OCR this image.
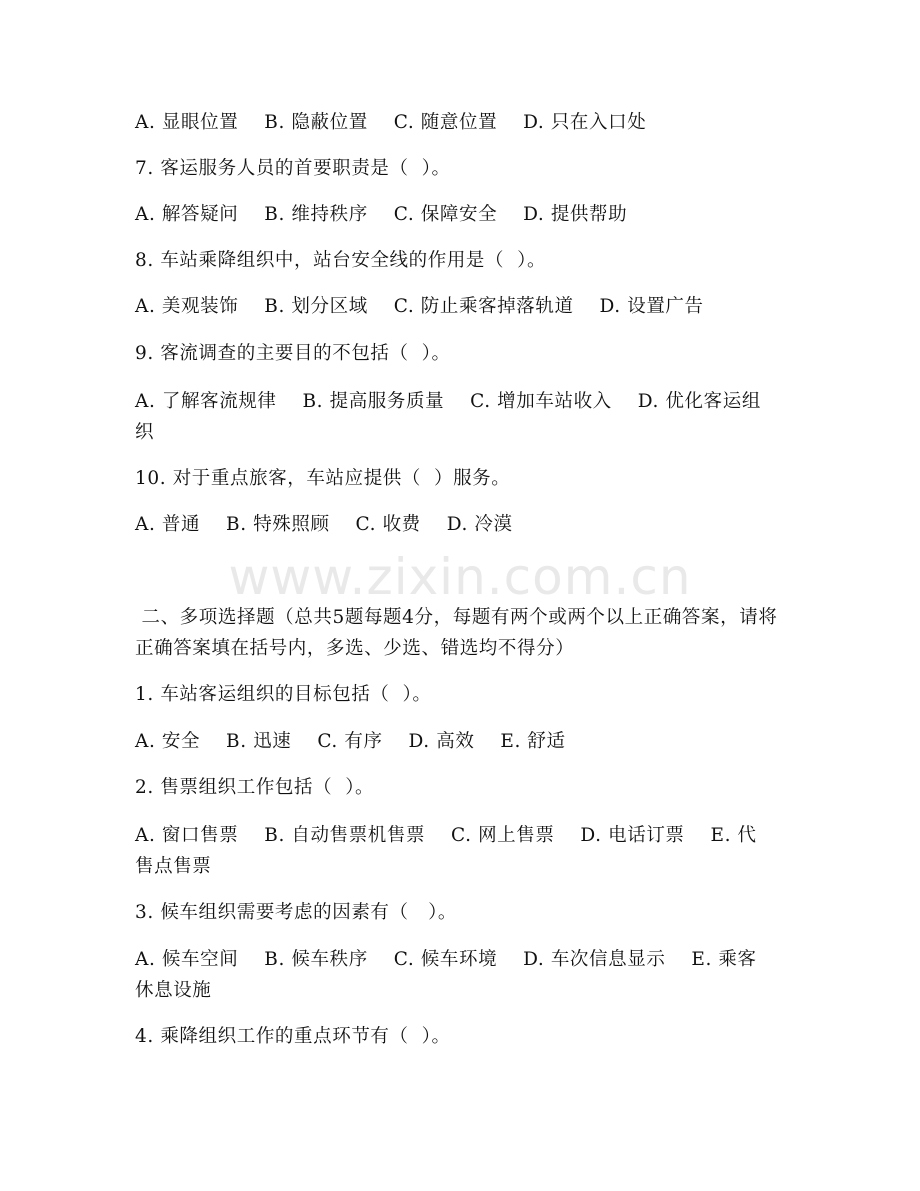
A. 显眼位置    B. 隐蔽位置    C. 随意位置    D. 只在入口处
7. 客运服务人员的首要职责是（  ）。
A. 解答疑问    B. 维持秩序    C. 保障安全    D. 提供帮助
8. 车站乘降组织中，站台安全线的作用是（  ）。
A. 美观装饰    B. 划分区域    C. 防止乘客掉落轨道    D. 设置广告
9. 客流调查的主要目的不包括（  ）。
A. 了解客流规律    B. 提高服务质量    C. 增加车站收入    D. 优化客运组织
10. 对于重点旅客，车站应提供（  ）服务。
A. 普通    B. 特殊照顾    C. 收费    D. 冷漠
www.zixin.com.cn
二、多项选择题（总共5题每题4分，每题有两个或两个以上正确答案，请将正确答案填在括号内，多选、少选、错选均不得分）
1. 车站客运组织的目标包括（  ）。
A. 安全    B. 迅速    C. 有序    D. 高效    E. 舒适
2. 售票组织工作包括（  ）。
A. 窗口售票    B. 自动售票机售票    C. 网上售票    D. 电话订票    E. 代售点售票
3. 候车组织需要考虑的因素有（   ）。
A. 候车空间    B. 候车秩序    C. 候车环境    D. 车次信息显示    E. 乘客休息设施
4. 乘降组织工作的重点环节有（  ）。
